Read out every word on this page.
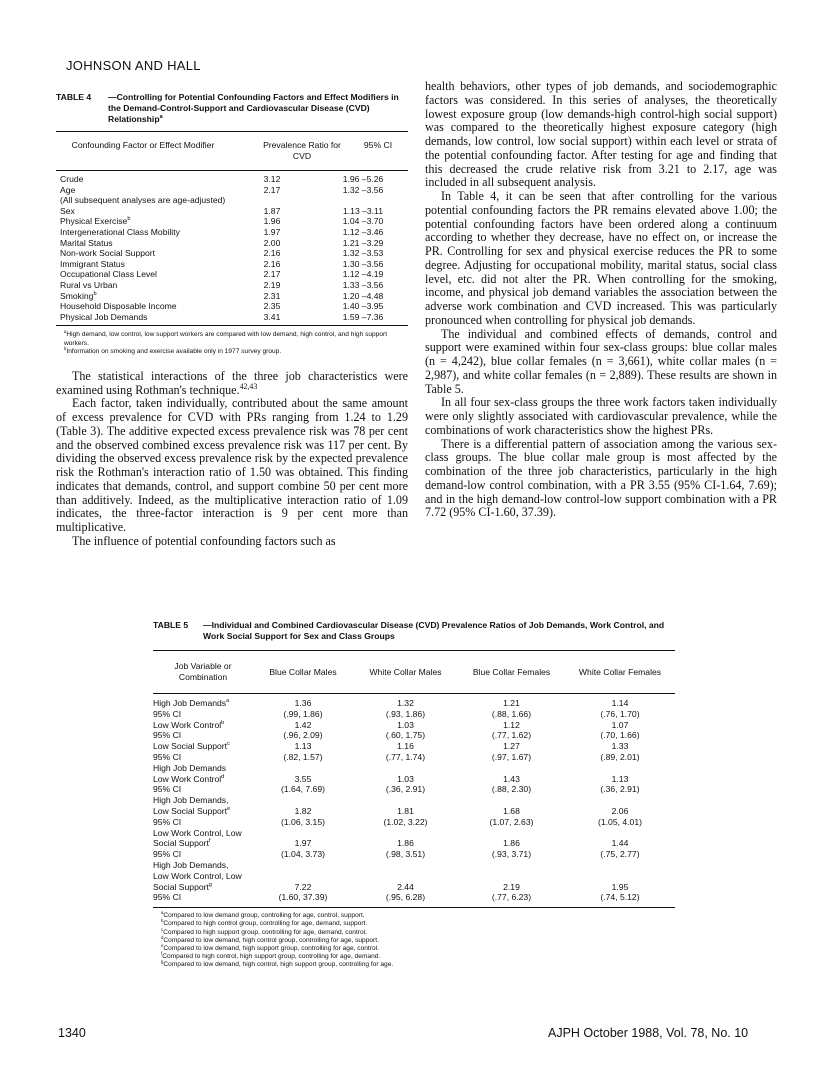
JOHNSON AND HALL
TABLE 4 —Controlling for Potential Confounding Factors and Effect Modifiers in the Demand-Control-Support and Cardiovascular Disease (CVD) Relationship$^a$
Confounding Factor or Effect Modifier	Prevalence Ratio for CVD	95% CI
Crude	3.12	1.96 –5.26
Age	2.17	1.32 –3.56
(All subsequent analyses are age-adjusted)		
Sex	1.87	1.13 –3.11
Physical Exercise$^b$	1.96	1.04 –3.70
Intergenerational Class Mobility	1.97	1.12 –3.46
Marital Status	2.00	1.21 –3.29
Non-work Social Support	2.16	1.32 –3.53
Immigrant Status	2.16	1.30 –3.56
Occupational Class Level	2.17	1.12 –4.19
Rural vs Urban	2.19	1.33 –3.56
Smoking$^b$	2.31	1.20 –4.48
Household Disposable Income	2.35	1.40 –3.95
Physical Job Demands	3.41	1.59 –7.36
$^a$High demand, low control, low support workers are compared with low demand, high control, and high support workers.
$^b$Information on smoking and exercise available only in 1977 survey group.

The statistical interactions of the three job characteristics were examined using Rothman's technique.$^{42,43}$

Each factor, taken individually, contributed about the same amount of excess prevalence for CVD with PRs ranging from 1.24 to 1.29 (Table 3). The additive expected excess prevalence risk was 78 per cent and the observed combined excess prevalence risk was 117 per cent. By dividing the observed excess prevalence risk by the expected prevalence risk the Rothman's interaction ratio of 1.50 was obtained. This finding indicates that demands, control, and support combine 50 per cent more than additively. Indeed, as the multiplicative interaction ratio of 1.09 indicates, the three-factor interaction is 9 per cent more than multiplicative.

The influence of potential confounding factors such as

health behaviors, other types of job demands, and sociodemographic factors was considered. In this series of analyses, the theoretically lowest exposure group (low demands-high control-high social support) was compared to the theoretically highest exposure category (high demands, low control, low social support) within each level or strata of the potential confounding factor. After testing for age and finding that this decreased the crude relative risk from 3.21 to 2.17, age was included in all subsequent analysis.

In Table 4, it can be seen that after controlling for the various potential confounding factors the PR remains elevated above 1.00; the potential confounding factors have been ordered along a continuum according to whether they decrease, have no effect on, or increase the PR. Controlling for sex and physical exercise reduces the PR to some degree. Adjusting for occupational mobility, marital status, social class level, etc. did not alter the PR. When controlling for the smoking, income, and physical job demand variables the association between the adverse work combination and CVD increased. This was particularly pronounced when controlling for physical job demands.

The individual and combined effects of demands, control and support were examined within four sex-class groups: blue collar males (n = 4,242), blue collar females (n = 3,661), white collar males (n = 2,987), and white collar females (n = 2,889). These results are shown in Table 5.

In all four sex-class groups the three work factors taken individually were only slightly associated with cardiovascular prevalence, while the combinations of work characteristics show the highest PRs.

There is a differential pattern of association among the various sex-class groups. The blue collar male group is most affected by the combination of the three job characteristics, particularly in the high demand-low control combination, with a PR 3.55 (95% CI-1.64, 7.69); and in the high demand-low control-low support combination with a PR 7.72 (95% CI-1.60, 37.39).

TABLE 5 —Individual and Combined Cardiovascular Disease (CVD) Prevalence Ratios of Job Demands, Work Control, and Work Social Support for Sex and Class Groups
Job Variable or Combination	Blue Collar Males	White Collar Males	Blue Collar Females	White Collar Females
High Job Demands$^a$	1.36	1.32	1.21	1.14
95% CI	(.99, 1.86)	(.93, 1.86)	(.88, 1.66)	(.76, 1.70)
Low Work Control$^b$	1.42	1.03	1.12	1.07
95% CI	(.96, 2.09)	(.60, 1.75)	(.77, 1.62)	(.70, 1.66)
Low Social Support$^c$	1.13	1.16	1.27	1.33
95% CI	(.82, 1.57)	(.77, 1.74)	(.97, 1.67)	(.89, 2.01)
High Job Demands				
Low Work Control$^d$	3.55	1.03	1.43	1.13
95% CI	(1.64, 7.69)	(.36, 2.91)	(.88, 2.30)	(.36, 2.91)
High Job Demands,				
Low Social Support$^e$	1.82	1.81	1.68	2.06
95% CI	(1.06, 3.15)	(1.02, 3.22)	(1.07, 2.63)	(1.05, 4.01)
Low Work Control, Low				
Social Support$^f$	1.97	1.86	1.86	1.44
95% CI	(1.04, 3.73)	(.98, 3.51)	(.93, 3.71)	(.75, 2.77)
High Job Demands,				
Low Work Control, Low				
Social Support$^g$	7.22	2.44	2.19	1.95
95% CI	(1.60, 37.39)	(.95, 6.28)	(.77, 6.23)	(.74, 5.12)
$^a$Compared to low demand group, controlling for age, control, support.
$^b$Compared to high control group, controlling for age, demand, support.
$^c$Compared to high support group, controlling for age, demand, control.
$^d$Compared to low demand, high control group, controlling for age, support.
$^e$Compared to low demand, high support group, controlling for age, control.
$^f$Compared to high control, high support group, controlling for age, demand.
$^g$Compared to low demand, high control, high support group, controlling for age.
1340	AJPH October 1988, Vol. 78, No. 10
